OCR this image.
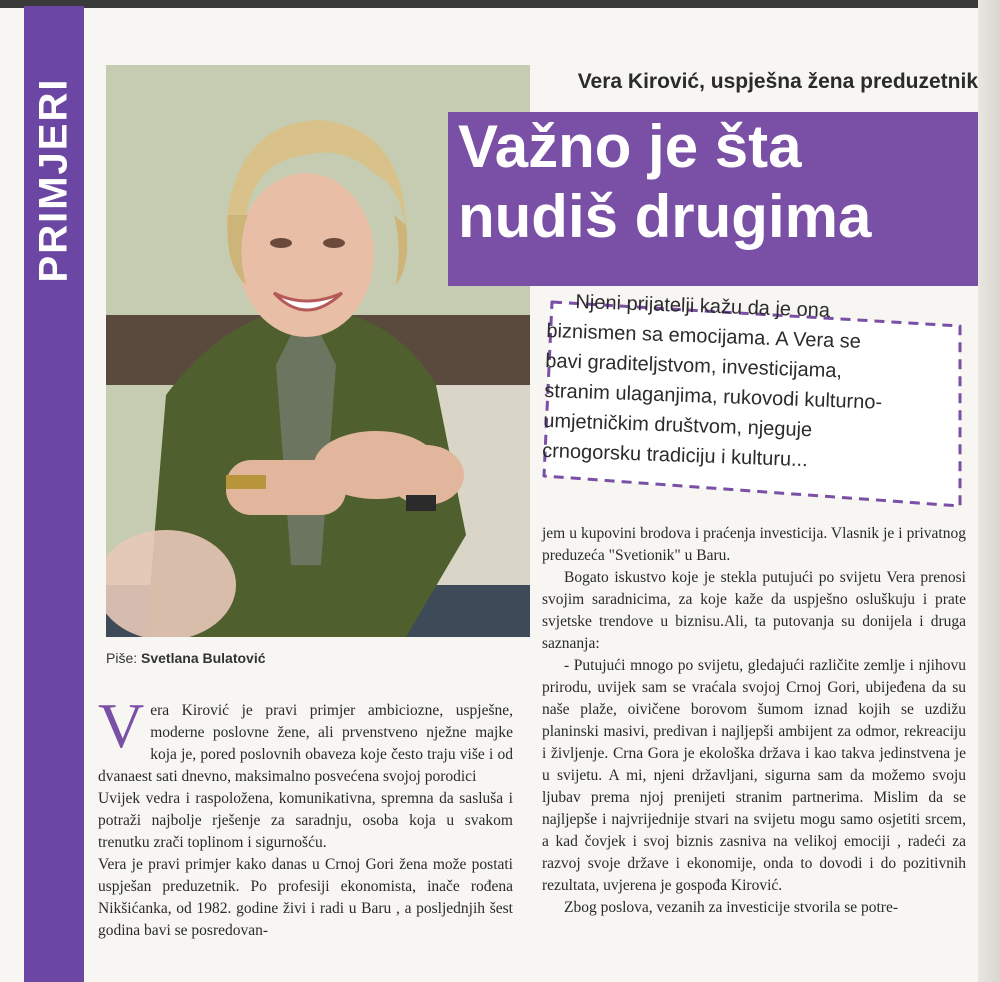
PRIMJERI	Vera Kirović, uspješna žena preduzetnik
Važno je šta
nudiš drugima

Njeni prijatelji kažu da je ona

biznismen sa emocijama. A Vera se

bavi graditeljstvom, investicijama,

stranim ulaganjima, rukovodi kulturno-

umjetničkim društvom, njeguje

crnogorsku tradiciju i kulturu...

Piše: Svetlana Bulatović

Vera Kirović je pravi primjer ambiciozne, uspješne, moderne poslovne žene, ali prvenstveno nježne majke koja je, pored poslovnih obaveza koje često traju više i od dvanaest sati dnevno, maksimalno posvećena svojoj porodici

Uvijek vedra i raspoložena, komunikativna, spremna da sasluša i potraži najbolje rješenje za saradnju, osoba koja u svakom trenutku zrači toplinom i sigurnošću.

Vera je pravi primjer kako danas u Crnoj Gori žena može postati uspješan preduzetnik. Po profesiji ekonomista, inače rođena Nikšićanka, od 1982. godine živi i radi u Baru , a posljednjih šest godina bavi se posredovan-

jem u kupovini brodova i praćenja investicija. Vlasnik je i privatnog preduzeća "Svetionik" u Baru.

Bogato iskustvo koje je stekla putujući po svijetu Vera prenosi svojim saradnicima, za koje kaže da uspješno osluškuju i prate svjetske trendove u biznisu.Ali, ta putovanja su donijela i druga saznanja:

- Putujući mnogo po svijetu, gledajući različite zemlje i njihovu prirodu, uvijek sam se vraćala svojoj Crnoj Gori, ubijeđena da su naše plaže, oivičene borovom šumom iznad kojih se uzdižu planinski masivi, predivan i najljepši ambijent za odmor, rekreaciju i življenje. Crna Gora je ekološka država i kao takva jedinstvena je u svijetu. A mi, njeni državljani, sigurna sam da možemo svoju ljubav prema njoj prenijeti stranim partnerima. Mislim da se najljepše i najvrijednije stvari na svijetu mogu samo osjetiti srcem, a kad čovjek i svoj biznis zasniva na velikoj emociji , radeći za razvoj svoje države i ekonomije, onda to dovodi i do pozitivnih rezultata, uvjerena je gospođa Kirović.

Zbog poslova, vezanih za investicije stvorila se potre-
